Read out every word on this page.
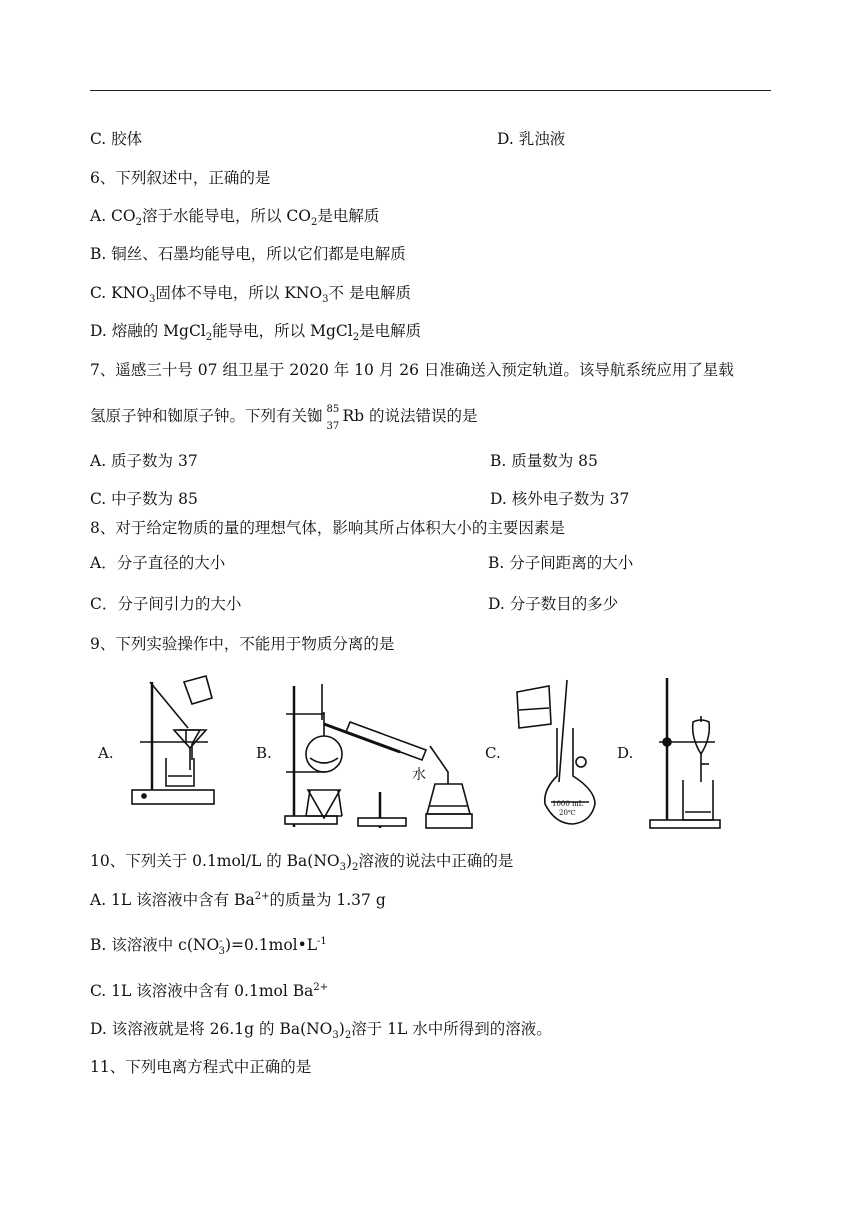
C. 胶体	D. 乳浊液
6、下列叙述中，正确的是
A. $CO_2$溶于水能导电，所以 $CO_2$是电解质
B. 铜丝、石墨均能导电，所以它们都是电解质
C. $KNO_3$固体不导电，所以 $KNO_3$不 是电解质
D. 熔融的 MgCl$_2$能导电，所以 MgCl$_2$是电解质
7、遥感三十号 07 组卫星于 2020 年 10 月 26 日准确送入预定轨道。该导航系统应用了星载
氢原子钟和铷原子钟。下列有关铷 85
37
Rb 的说法错误的是
A. 质子数为 37	B. 质量数为 85
C. 中子数为 85	D. 核外电子数为 37
8、对于给定物质的量的理想气体，影响其所占体积大小的主要因素是
A．分子直径的大小	B. 分子间距离的大小
C．分子间引力的大小	D. 分子数目的多少
9、下列实验操作中，不能用于物质分离的是
A.	B.	C.	D.
水
1000 mL
20℃
10、下列关于 0.1mol/L 的 $Ba(NO_3)_2$溶液的说法中正确的是
A. 1L 该溶液中含有 $Ba^{2+}$的质量为 1.37 g
B. 该溶液中 $c(NO^-_3)=0.1mol•L^{-1}$
C. 1L 该溶液中含有 0.1mol $Ba^{2+}$
D. 该溶液就是将 26.1g 的 $Ba(NO_3)_2$溶于 1L 水中所得到的溶液。
11、下列电离方程式中正确的是
